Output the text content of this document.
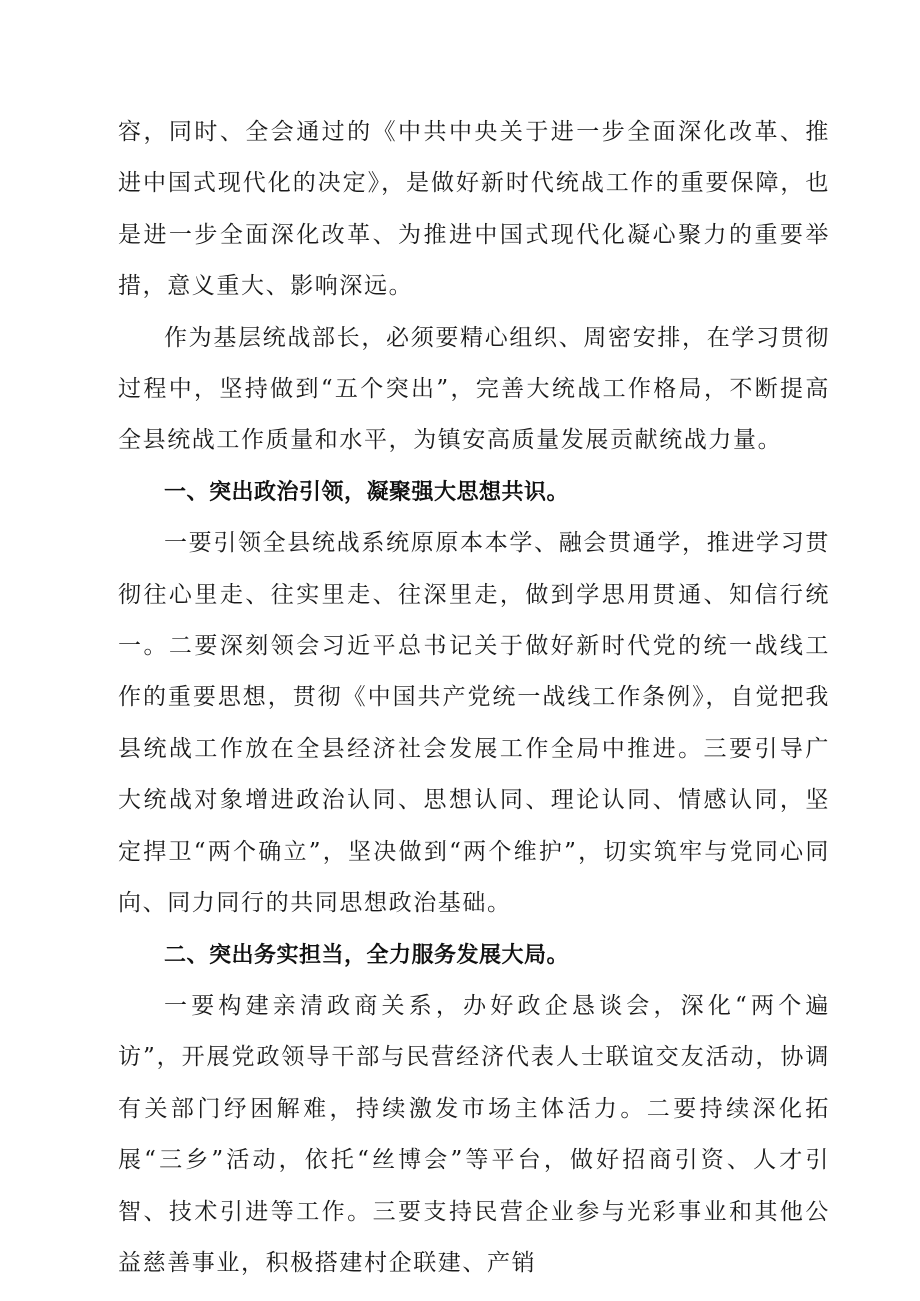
容，同时、全会通过的《中共中央关于进一步全面深化改革、推进中国式现代化的决定》，是做好新时代统战工作的重要保障，也是进一步全面深化改革、为推进中国式现代化凝心聚力的重要举措，意义重大、影响深远。

作为基层统战部长，必须要精心组织、周密安排，在学习贯彻过程中，坚持做到“五个突出”，完善大统战工作格局，不断提高全县统战工作质量和水平，为镇安高质量发展贡献统战力量。

一、突出政治引领，凝聚强大思想共识。

一要引领全县统战系统原原本本学、融会贯通学，推进学习贯彻往心里走、往实里走、往深里走，做到学思用贯通、知信行统一。二要深刻领会习近平总书记关于做好新时代党的统一战线工作的重要思想，贯彻《中国共产党统一战线工作条例》，自觉把我县统战工作放在全县经济社会发展工作全局中推进。三要引导广大统战对象增进政治认同、思想认同、理论认同、情感认同，坚定捍卫“两个确立”，坚决做到“两个维护”，切实筑牢与党同心同向、同力同行的共同思想政治基础。

二、突出务实担当，全力服务发展大局。

一要构建亲清政商关系，办好政企恳谈会，深化“两个遍访”，开展党政领导干部与民营经济代表人士联谊交友活动，协调有关部门纾困解难，持续激发市场主体活力。二要持续深化拓展“三乡”活动，依托“丝博会”等平台，做好招商引资、人才引智、技术引进等工作。三要支持民营企业参与光彩事业和其他公益慈善事业，积极搭建村企联建、产销
